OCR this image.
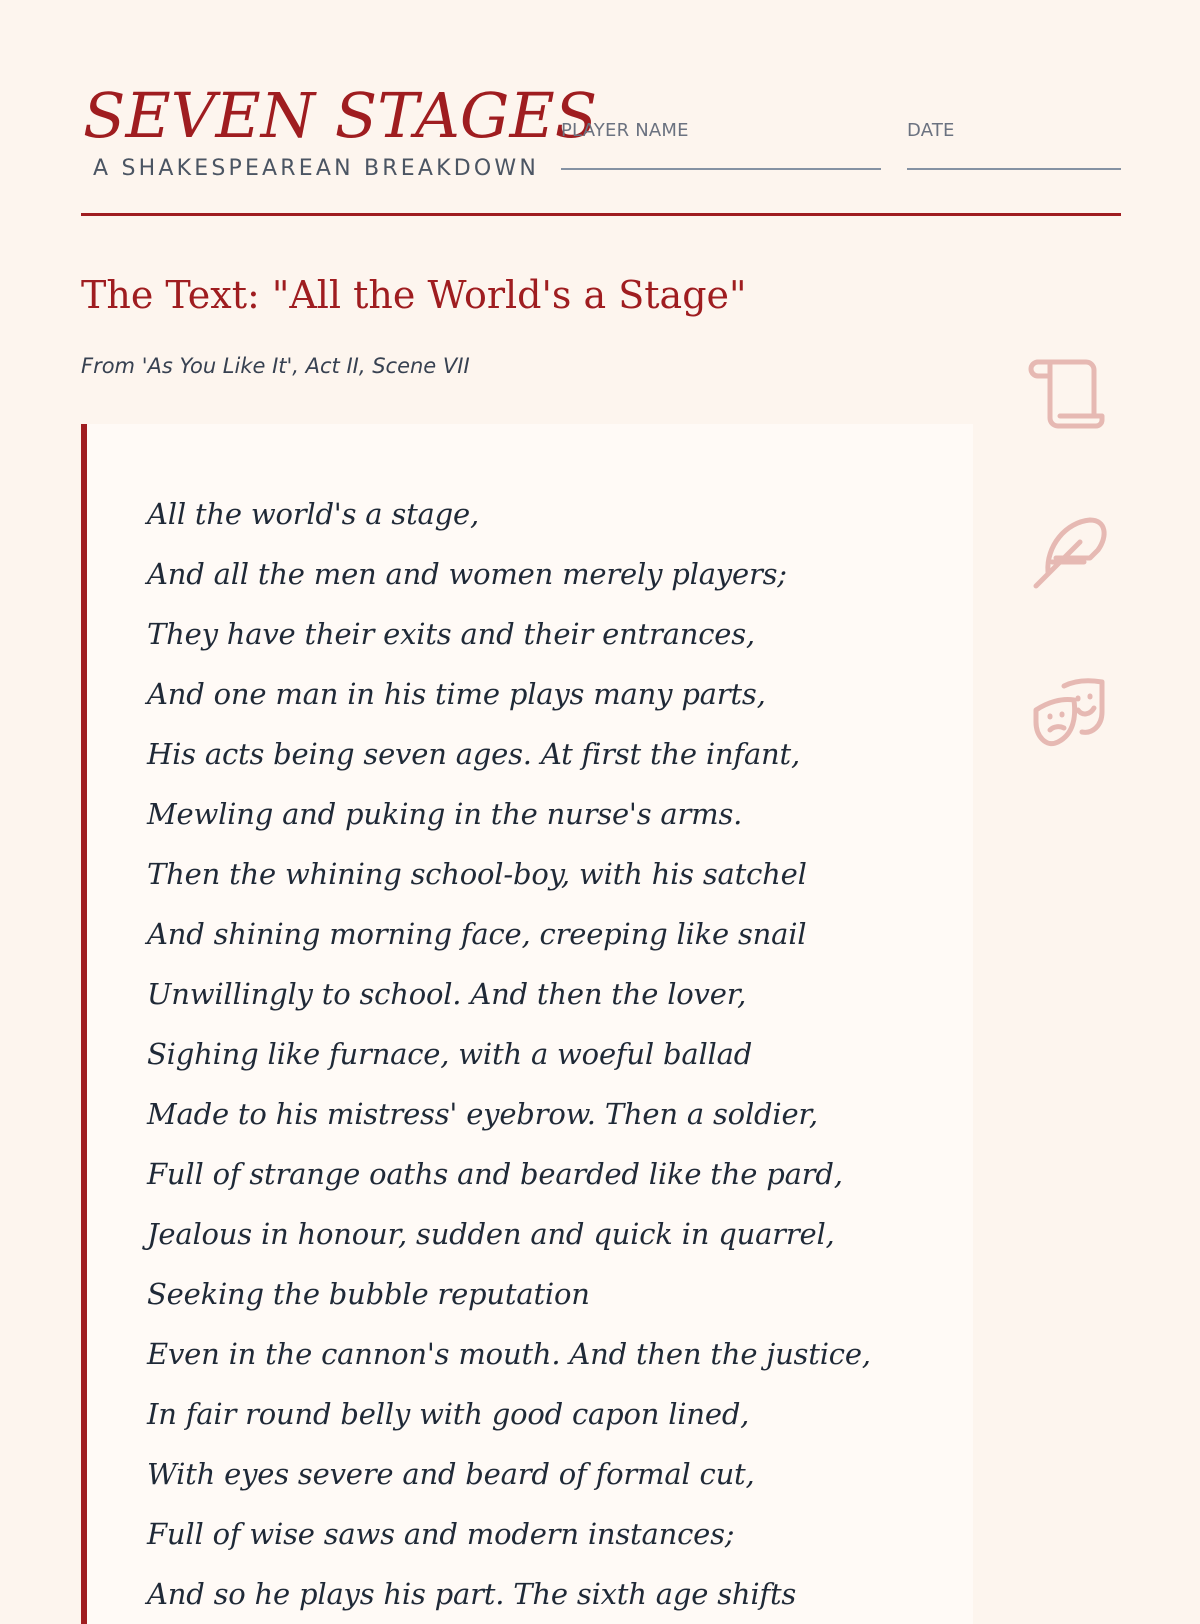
SEVEN STAGES
A SHAKESPEAREAN BREAKDOWN
PLAYER NAME	DATE
The Text: "All the World's a Stage"
From 'As You Like It', Act II, Scene VII
All the world's a stage,
And all the men and women merely players;
They have their exits and their entrances,
And one man in his time plays many parts,
His acts being seven ages. At first the infant,
Mewling and puking in the nurse's arms.
Then the whining school-boy, with his satchel
And shining morning face, creeping like snail
Unwillingly to school. And then the lover,
Sighing like furnace, with a woeful ballad
Made to his mistress' eyebrow. Then a soldier,
Full of strange oaths and bearded like the pard,
Jealous in honour, sudden and quick in quarrel,
Seeking the bubble reputation
Even in the cannon's mouth. And then the justice,
In fair round belly with good capon lined,
With eyes severe and beard of formal cut,
Full of wise saws and modern instances;
And so he plays his part. The sixth age shifts
